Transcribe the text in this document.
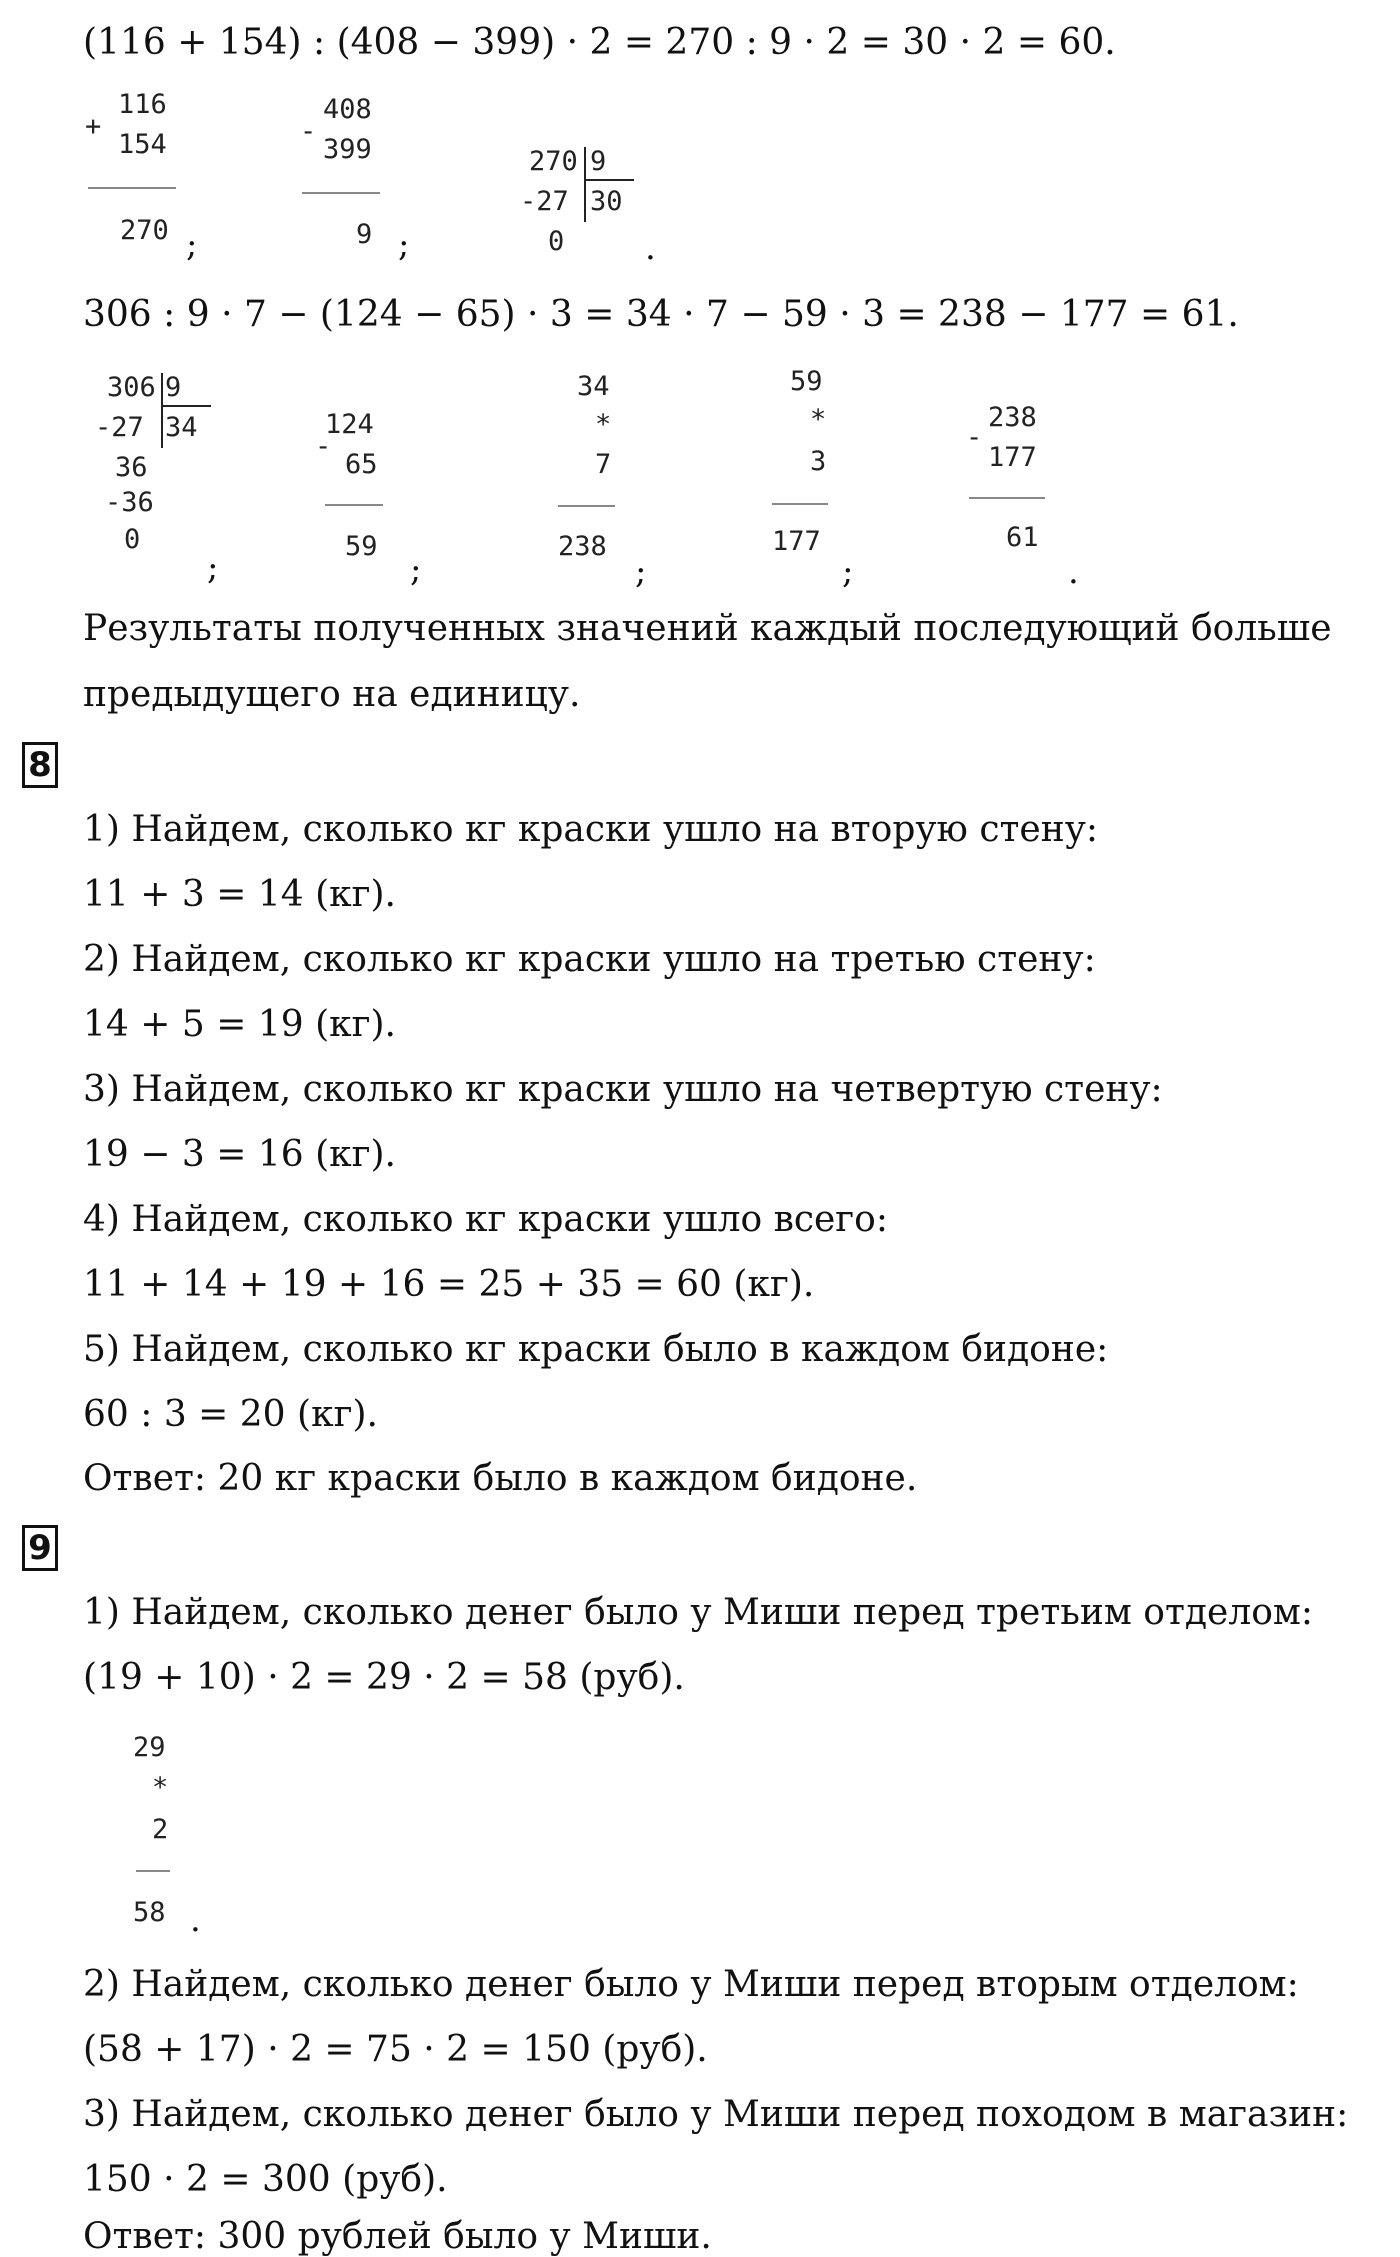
(116 + 154) : (408 − 399) · 2 = 270 : 9 · 2 = 30 · 2 = 60.
+
116
154
270 ;
-
408
399
9 ;
270 9
-27 30
0 .
306 : 9 · 7 − (124 − 65) · 3 = 34 · 7 − 59 · 3 = 238 − 177 = 61.
306 9
-27 34
36
-36
0
;
-
124
65
59
;
34
*
7
238
;
59
*
3
177
;
-
238
177
61
.
Результаты полученных значений каждый последующий больше
предыдущего на единицу.
8
1) Найдем, сколько кг краски ушло на вторую стену:
11 + 3 = 14 (кг).
2) Найдем, сколько кг краски ушло на третью стену:
14 + 5 = 19 (кг).
3) Найдем, сколько кг краски ушло на четвертую стену:
19 − 3 = 16 (кг).
4) Найдем, сколько кг краски ушло всего:
11 + 14 + 19 + 16 = 25 + 35 = 60 (кг).
5) Найдем, сколько кг краски было в каждом бидоне:
60 : 3 = 20 (кг).
Ответ: 20 кг краски было в каждом бидоне.
9
1) Найдем, сколько денег было у Миши перед третьим отделом:
(19 + 10) · 2 = 29 · 2 = 58 (руб).
29
*
2
58 .
2) Найдем, сколько денег было у Миши перед вторым отделом:
(58 + 17) · 2 = 75 · 2 = 150 (руб).
3) Найдем, сколько денег было у Миши перед походом в магазин:
150 · 2 = 300 (руб).
Ответ: 300 рублей было у Миши.
